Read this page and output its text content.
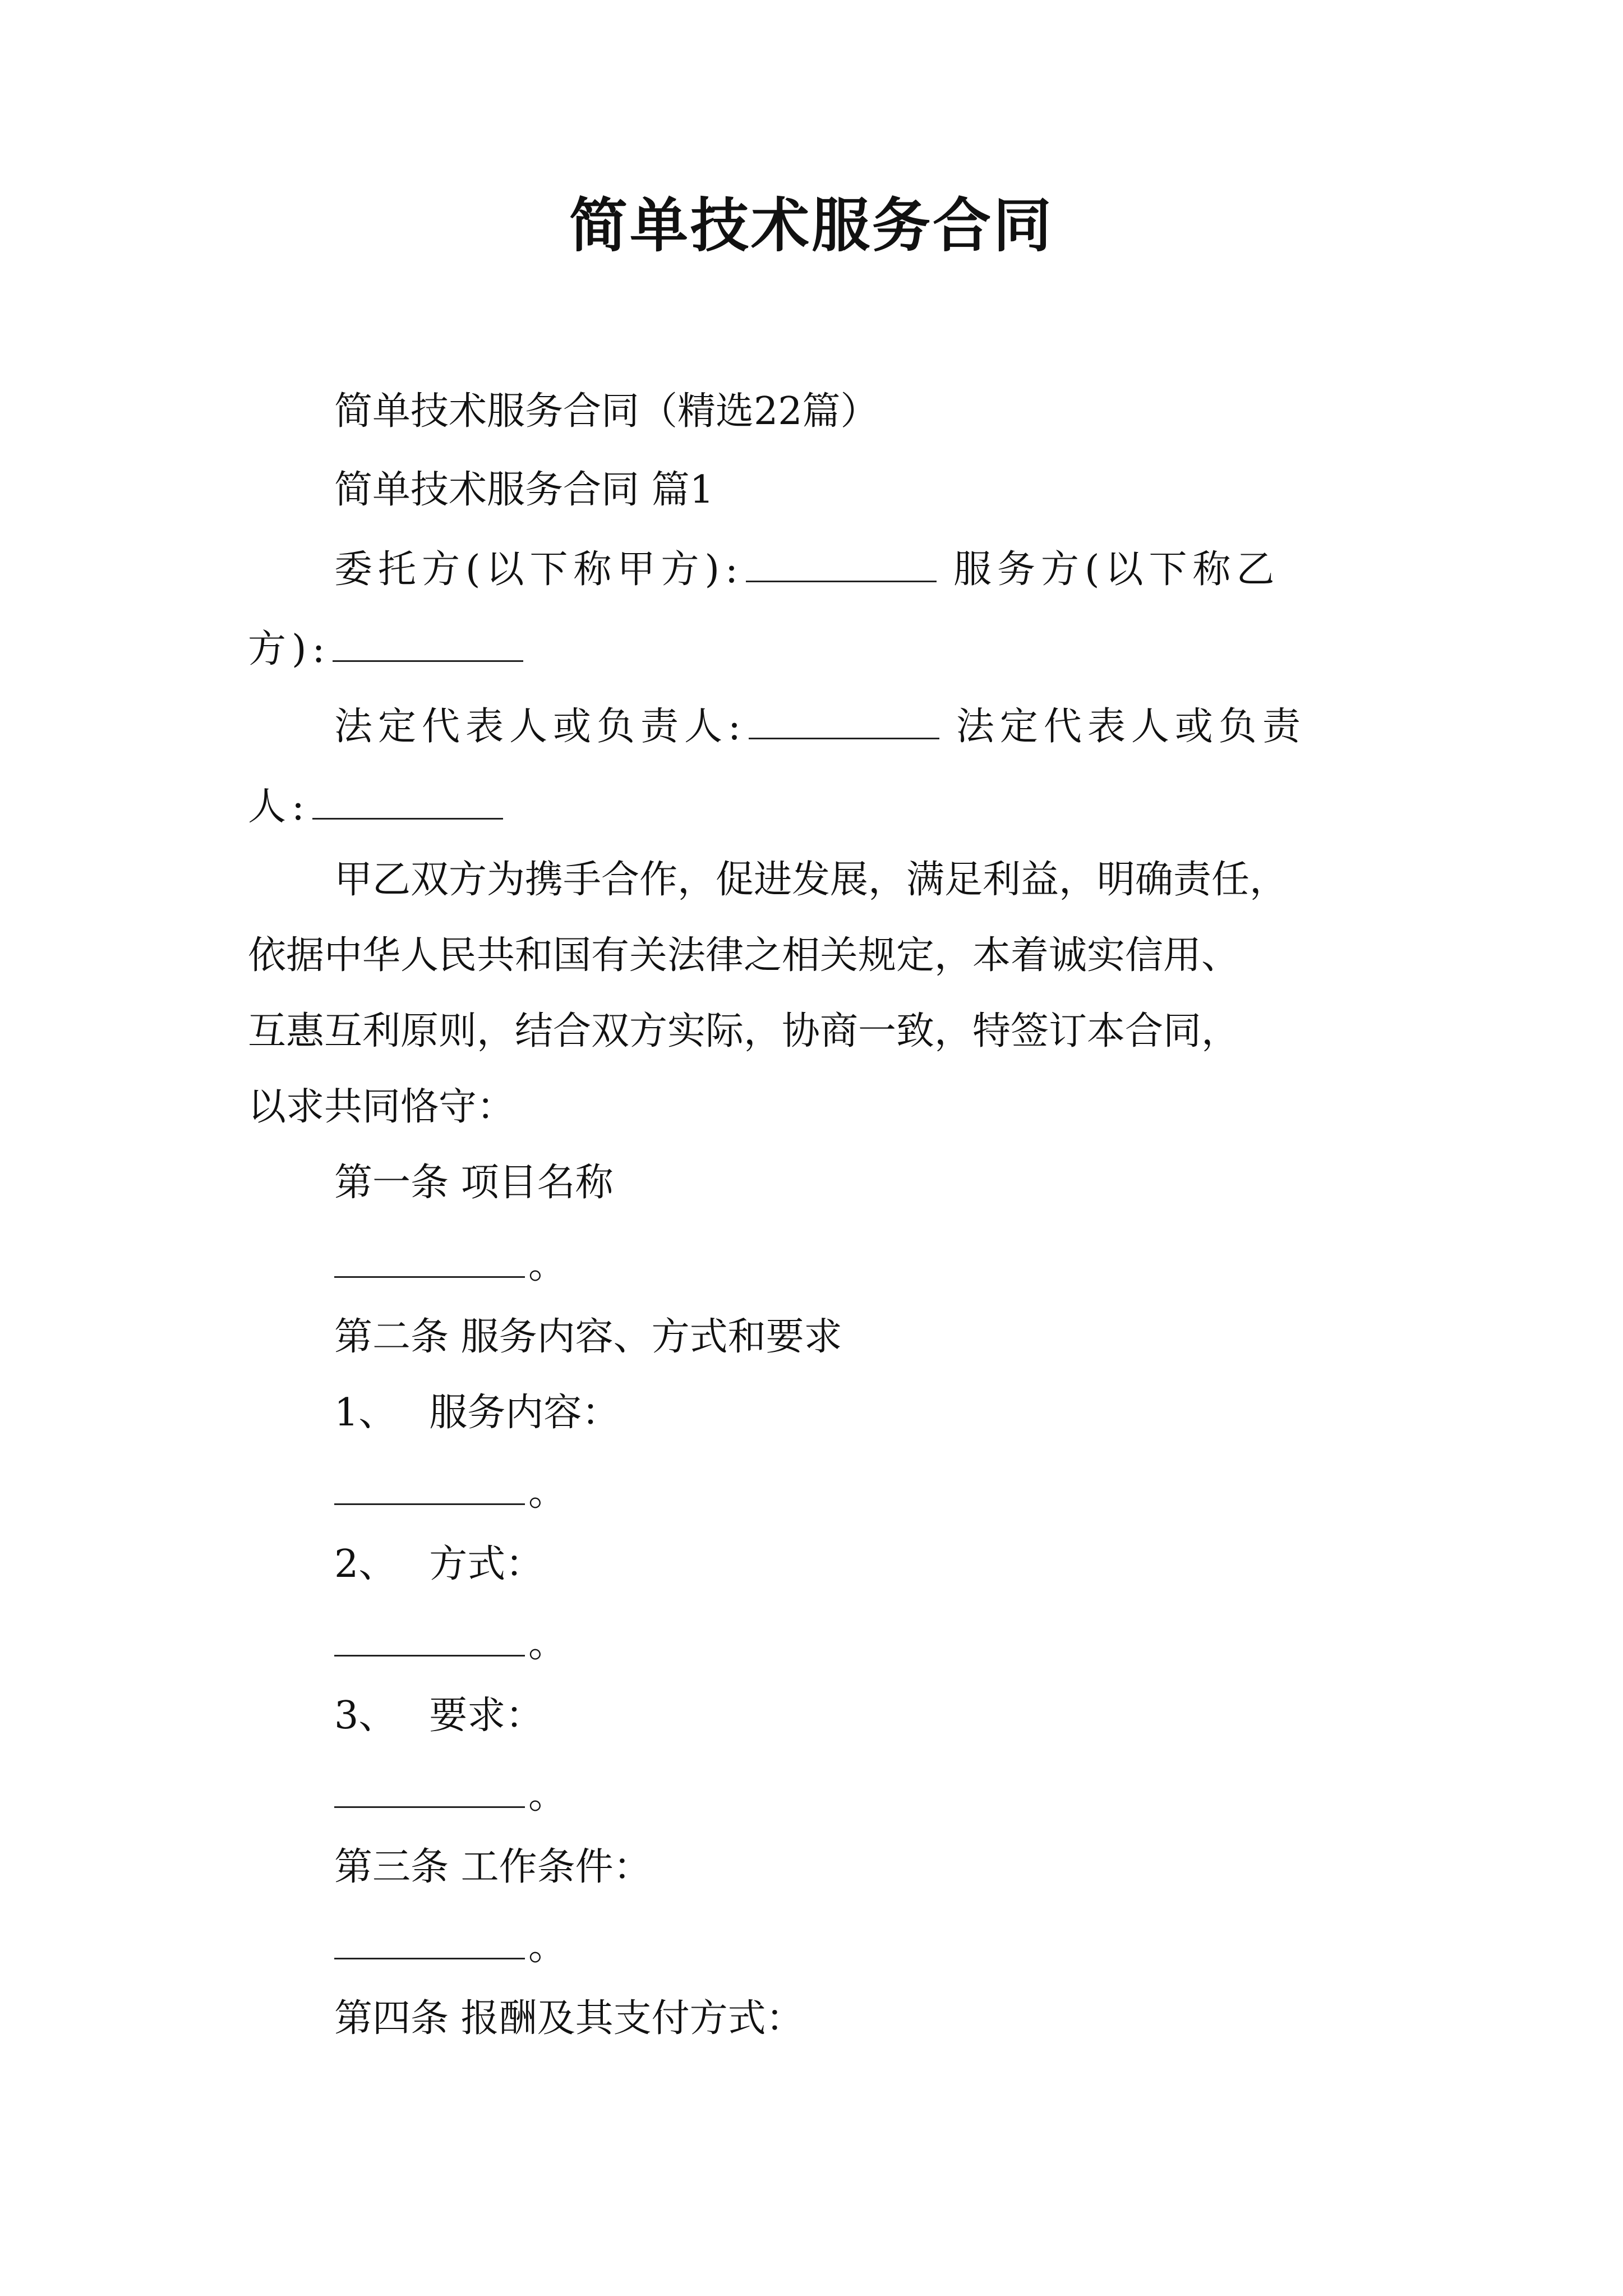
简单技术服务合同
简单技术服务合同（精选22篇）
简单技术服务合同 篇1
委托方(以下称甲方):	服务方(以下称乙
方):
法定代表人或负责人:	法定代表人或负责
人:
甲乙双方为携手合作，促进发展，满足利益，明确责任，
依据中华人民共和国有关法律之相关规定，本着诚实信用、
互惠互利原则，结合双方实际，协商一致，特签订本合同，
以求共同恪守：
第一条 项目名称
。
第二条 服务内容、方式和要求
1、 服务内容：
。
2、 方式：
。
3、 要求：
。
第三条 工作条件：
。
第四条 报酬及其支付方式：
